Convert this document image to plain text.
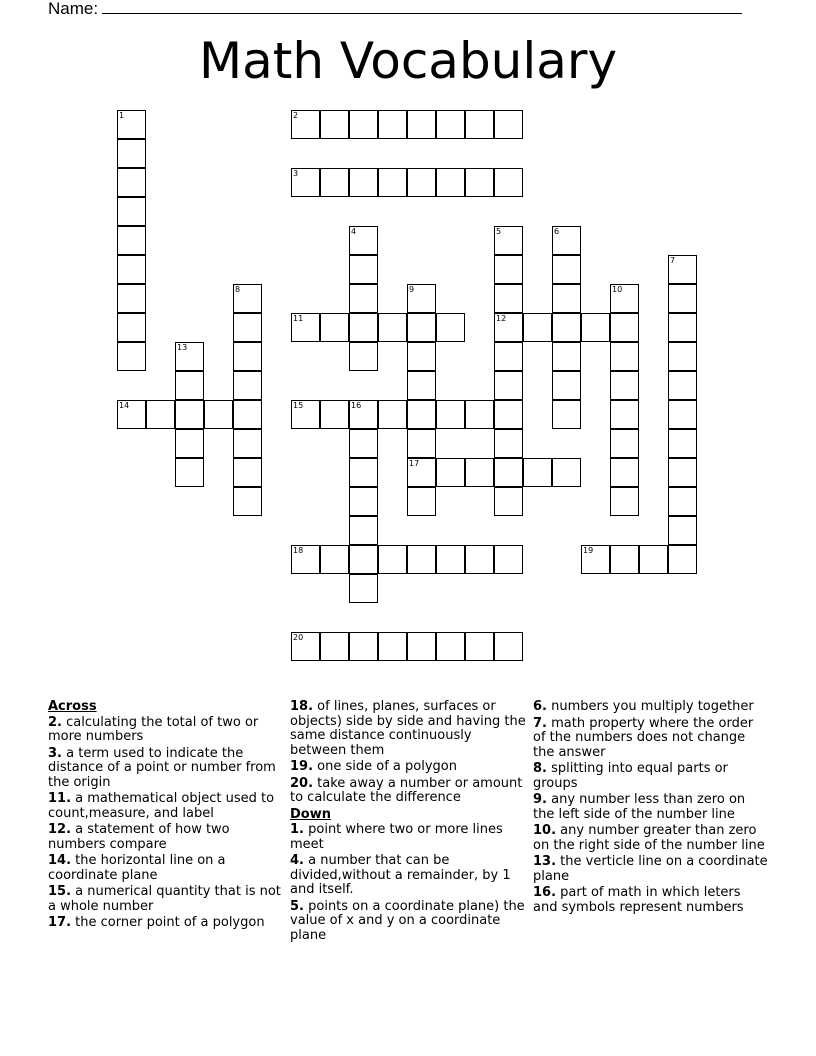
Name:
Math Vocabulary
1	2
3
4	5
12
6
7
8	9
17
10
11
13
14	15	16
18	19
20
Across
2. calculating the total of two or more numbers
3. a term used to indicate the distance of a point or number from the origin
11. a mathematical object used to count,measure, and label
12. a statement of how two numbers compare
14. the horizontal line on a coordinate plane
15. a numerical quantity that is not a whole number
17. the corner point of a polygon
18. of lines, planes, surfaces or objects) side by side and having the same distance continuously between them
19. one side of a polygon
20. take away a number or amount to calculate the difference
Down
1. point where two or more lines meet
4. a number that can be divided,without a remainder, by 1 and itself.
5. points on a coordinate plane) the value of x and y on a coordinate plane
6. numbers you multiply together
7. math property where the order of the numbers does not change the answer
8. splitting into equal parts or groups
9. any number less than zero on the left side of the number line
10. any number greater than zero on the right side of the number line
13. the verticle line on a coordinate plane
16. part of math in which leters and symbols represent numbers
